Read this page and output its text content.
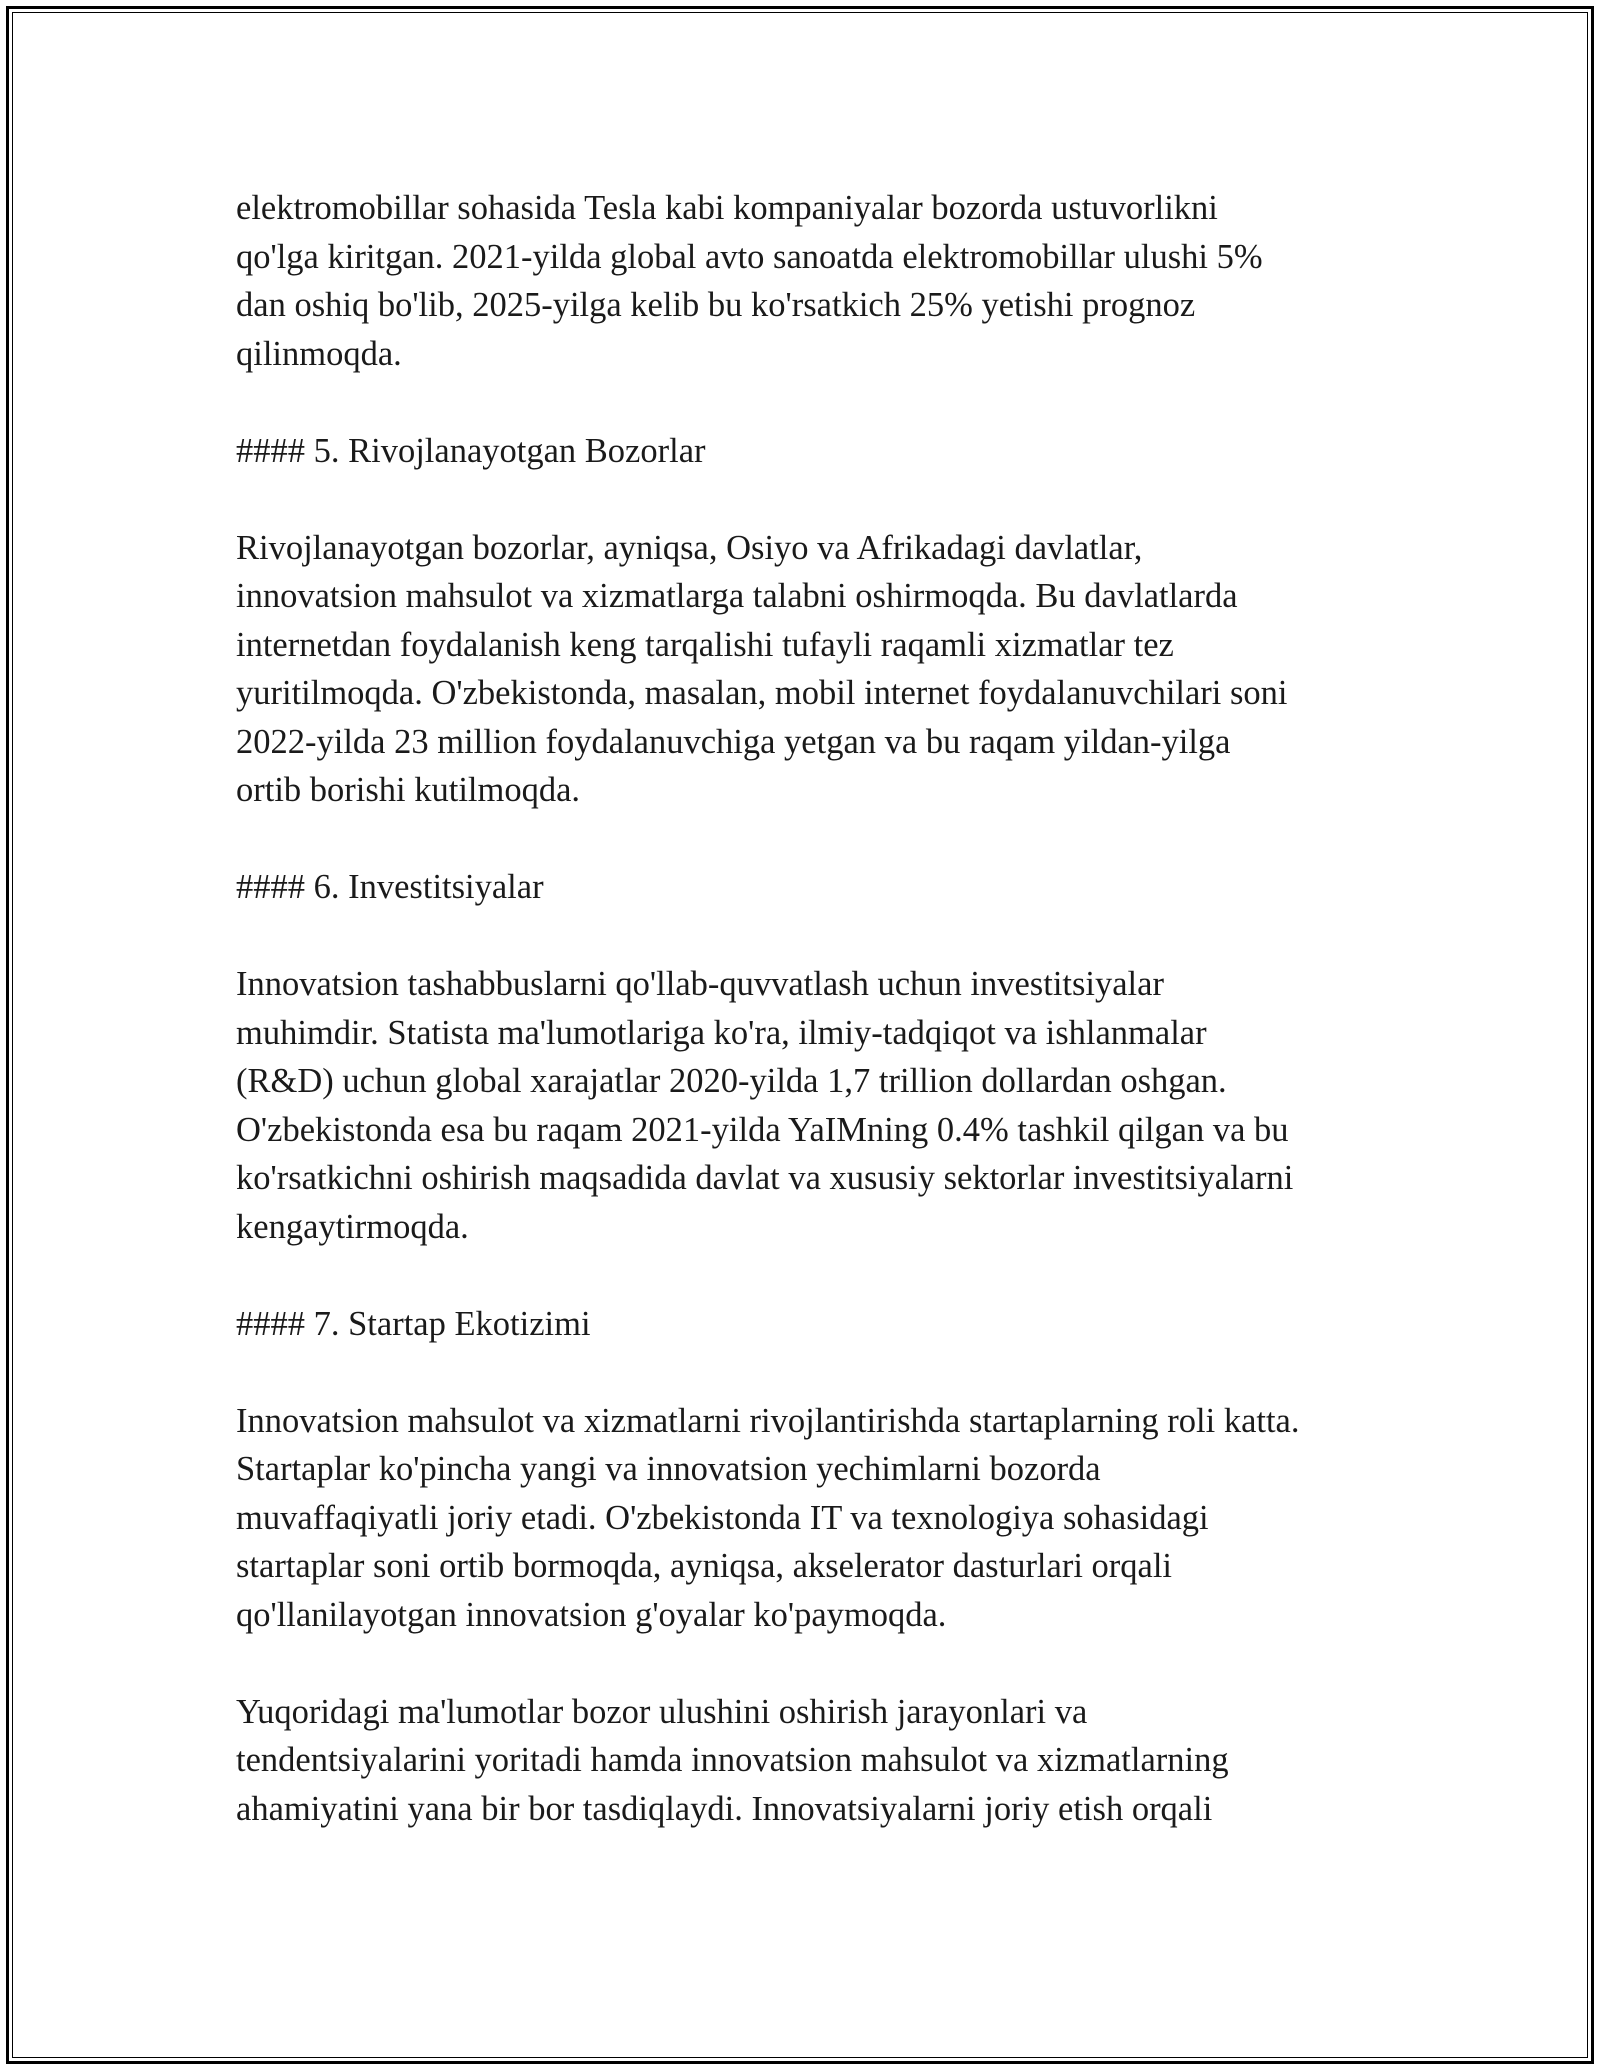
elektromobillar sohasida Tesla kabi kompaniyalar bozorda ustuvorlikni
qo'lga kiritgan. 2021-yilda global avto sanoatda elektromobillar ulushi 5%
dan oshiq bo'lib, 2025-yilga kelib bu ko'rsatkich 25% yetishi prognoz
qilinmoqda.
#### 5. Rivojlanayotgan Bozorlar
Rivojlanayotgan bozorlar, ayniqsa, Osiyo va Afrikadagi davlatlar,
innovatsion mahsulot va xizmatlarga talabni oshirmoqda. Bu davlatlarda
internetdan foydalanish keng tarqalishi tufayli raqamli xizmatlar tez
yuritilmoqda. O'zbekistonda, masalan, mobil internet foydalanuvchilari soni
2022-yilda 23 million foydalanuvchiga yetgan va bu raqam yildan-yilga
ortib borishi kutilmoqda.
#### 6. Investitsiyalar
Innovatsion tashabbuslarni qo'llab-quvvatlash uchun investitsiyalar
muhimdir. Statista ma'lumotlariga ko'ra, ilmiy-tadqiqot va ishlanmalar
(R&D) uchun global xarajatlar 2020-yilda 1,7 trillion dollardan oshgan.
O'zbekistonda esa bu raqam 2021-yilda YaIMning 0.4% tashkil qilgan va bu
ko'rsatkichni oshirish maqsadida davlat va xususiy sektorlar investitsiyalarni
kengaytirmoqda.
#### 7. Startap Ekotizimi
Innovatsion mahsulot va xizmatlarni rivojlantirishda startaplarning roli katta.
Startaplar ko'pincha yangi va innovatsion yechimlarni bozorda
muvaffaqiyatli joriy etadi. O'zbekistonda IT va texnologiya sohasidagi
startaplar soni ortib bormoqda, ayniqsa, akselerator dasturlari orqali
qo'llanilayotgan innovatsion g'oyalar ko'paymoqda.
Yuqoridagi ma'lumotlar bozor ulushini oshirish jarayonlari va
tendentsiyalarini yoritadi hamda innovatsion mahsulot va xizmatlarning
ahamiyatini yana bir bor tasdiqlaydi. Innovatsiyalarni joriy etish orqali
